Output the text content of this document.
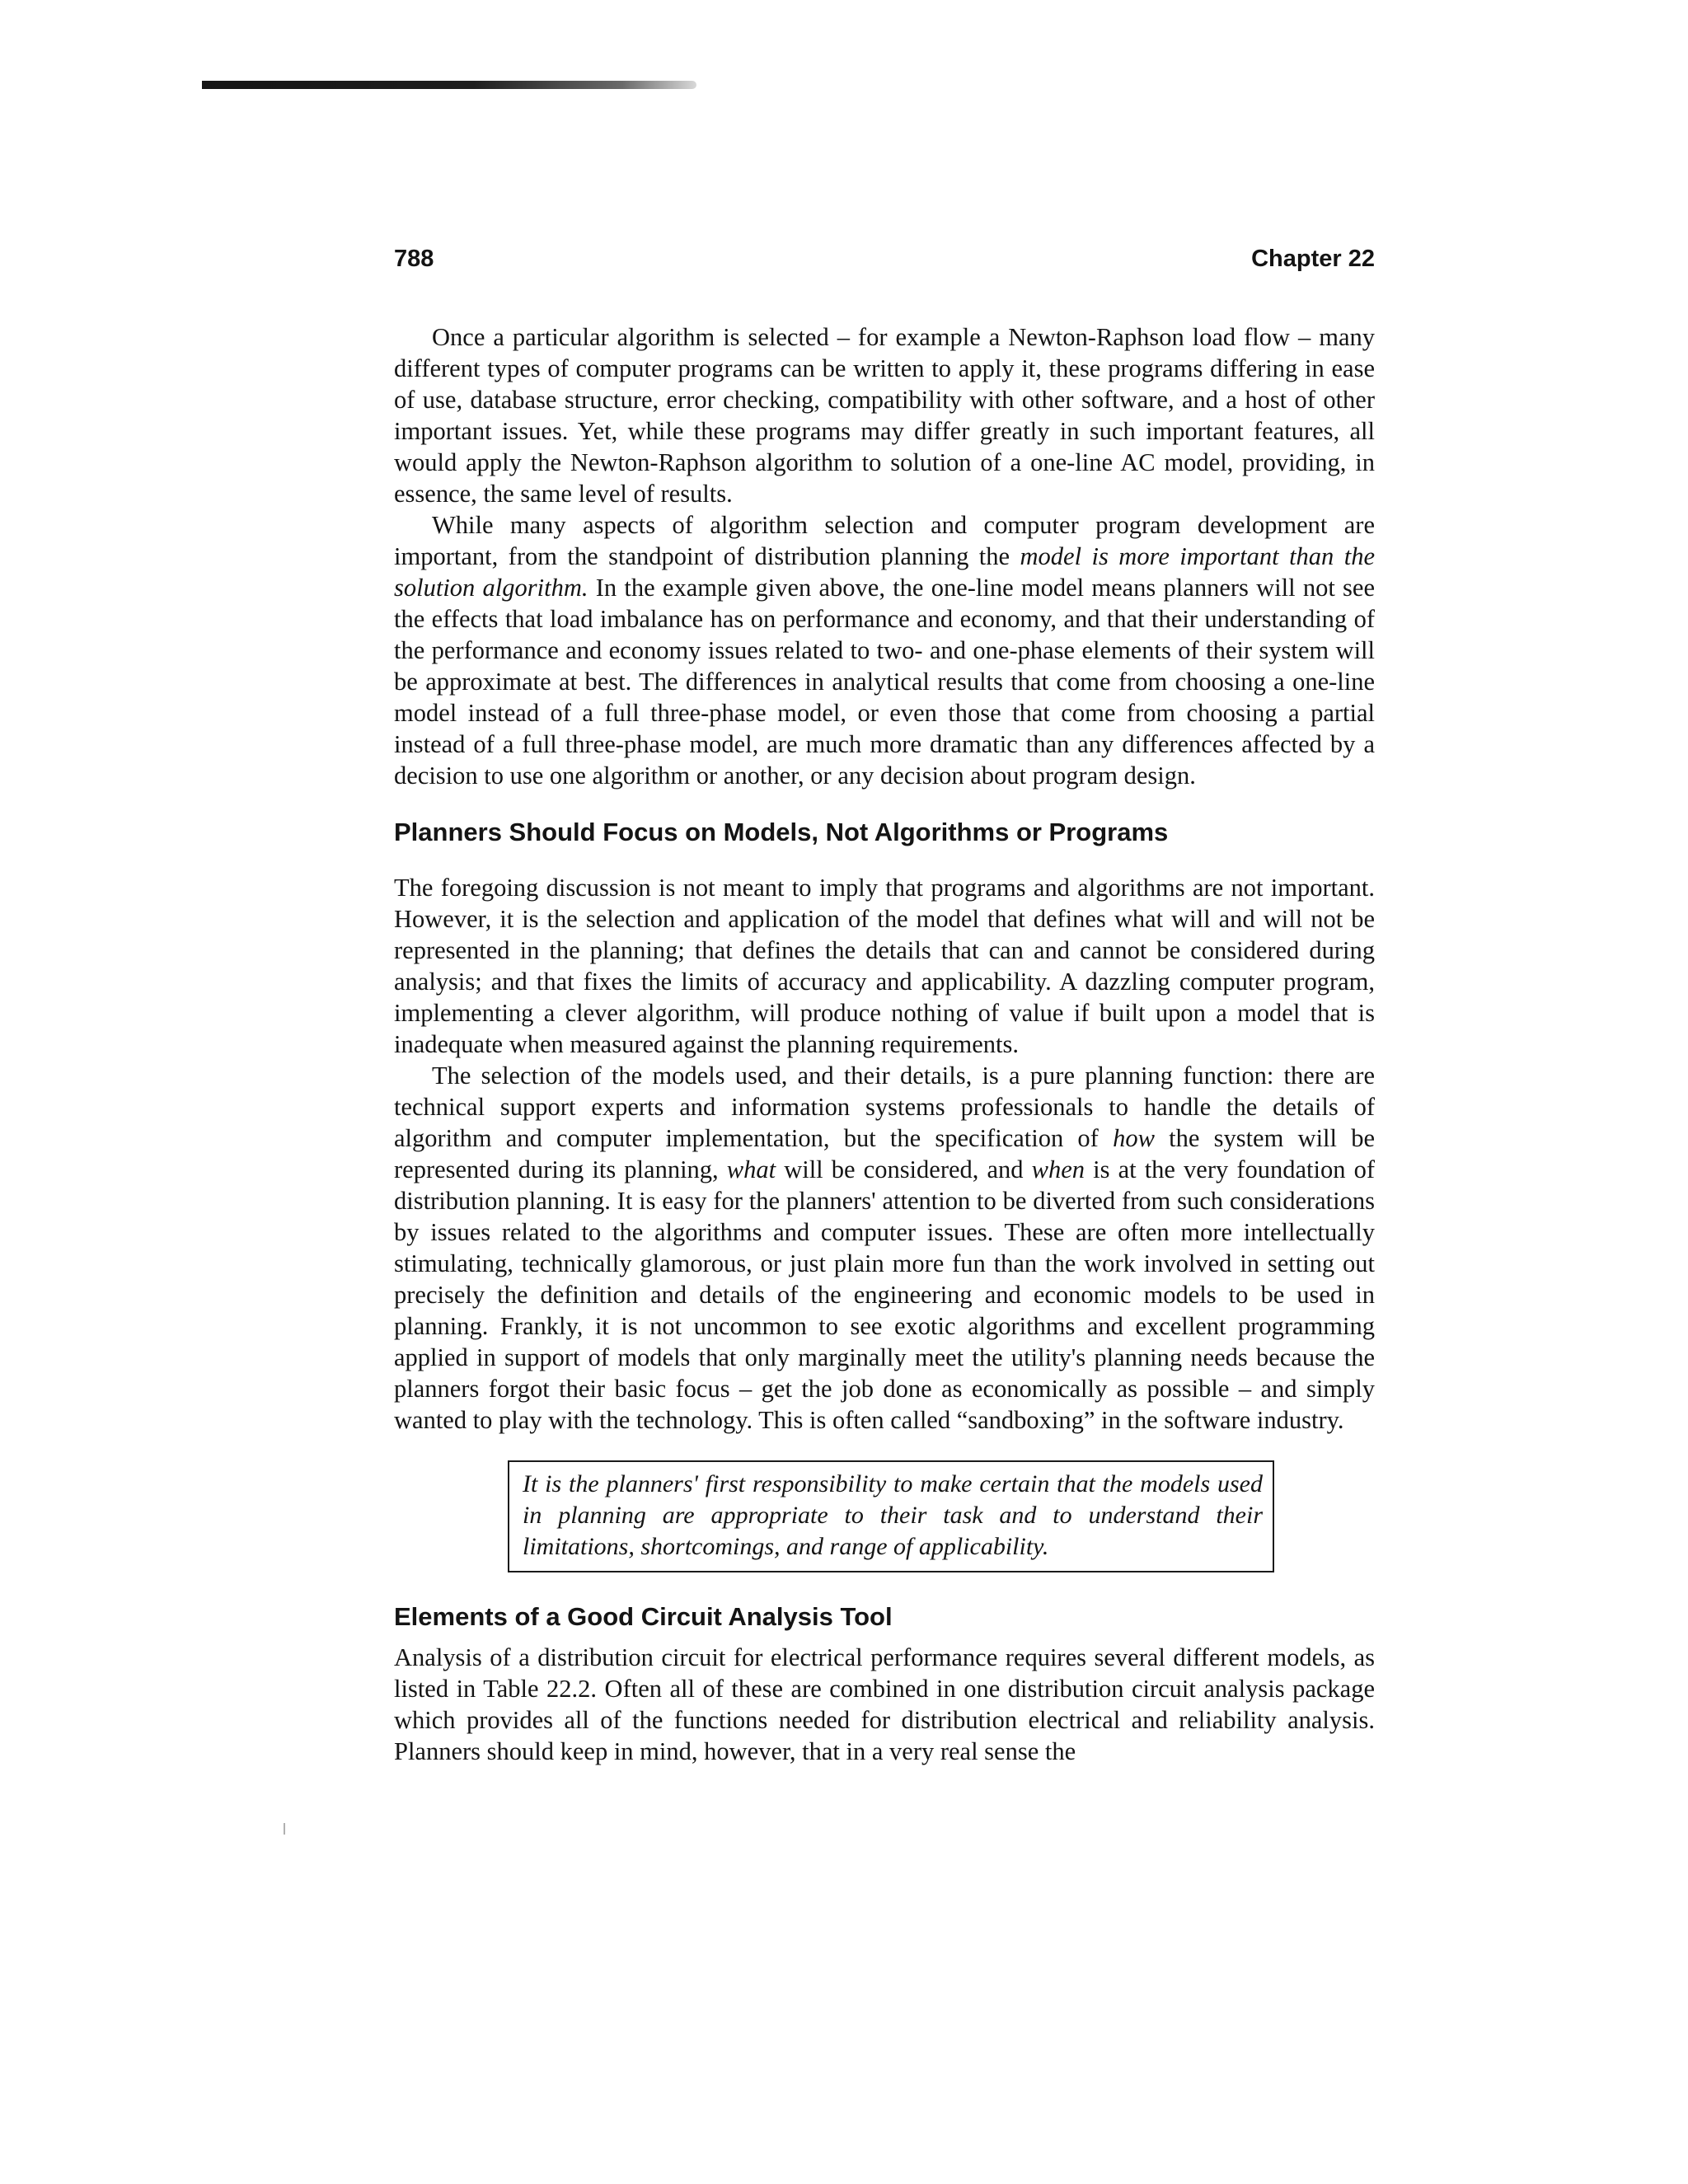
788	Chapter 22

Once a particular algorithm is selected – for example a Newton-Raphson load flow – many different types of computer programs can be written to apply it, these programs differing in ease of use, database structure, error checking, compatibility with other software, and a host of other important issues. Yet, while these programs may differ greatly in such important features, all would apply the Newton-Raphson algorithm to solution of a one-line AC model, providing, in essence, the same level of results.

While many aspects of algorithm selection and computer program development are important, from the standpoint of distribution planning the model is more important than the solution algorithm. In the example given above, the one-line model means planners will not see the effects that load imbalance has on performance and economy, and that their understanding of the performance and economy issues related to two- and one-phase elements of their system will be approximate at best. The differences in analytical results that come from choosing a one-line model instead of a full three-phase model, or even those that come from choosing a partial instead of a full three-phase model, are much more dramatic than any differences affected by a decision to use one algorithm or another, or any decision about program design.

Planners Should Focus on Models, Not Algorithms or Programs

The foregoing discussion is not meant to imply that programs and algorithms are not important. However, it is the selection and application of the model that defines what will and will not be represented in the planning; that defines the details that can and cannot be considered during analysis; and that fixes the limits of accuracy and applicability. A dazzling computer program, implementing a clever algorithm, will produce nothing of value if built upon a model that is inadequate when measured against the planning requirements.

The selection of the models used, and their details, is a pure planning function: there are technical support experts and information systems professionals to handle the details of algorithm and computer implementation, but the specification of how the system will be represented during its planning, what will be considered, and when is at the very foundation of distribution planning. It is easy for the planners' attention to be diverted from such considerations by issues related to the algorithms and computer issues. These are often more intellectually stimulating, technically glamorous, or just plain more fun than the work involved in setting out precisely the definition and details of the engineering and economic models to be used in planning. Frankly, it is not uncommon to see exotic algorithms and excellent programming applied in support of models that only marginally meet the utility's planning needs because the planners forgot their basic focus – get the job done as economically as possible – and simply wanted to play with the technology. This is often called “sandboxing” in the software industry.

It is the planners' first responsibility to make certain that the models used in planning are appropriate to their task and to understand their limitations, shortcomings, and range of applicability.
Elements of a Good Circuit Analysis Tool

Analysis of a distribution circuit for electrical performance requires several different models, as listed in Table 22.2. Often all of these are combined in one distribution circuit analysis package which provides all of the functions needed for distribution electrical and reliability analysis. Planners should keep in mind, however, that in a very real sense the
